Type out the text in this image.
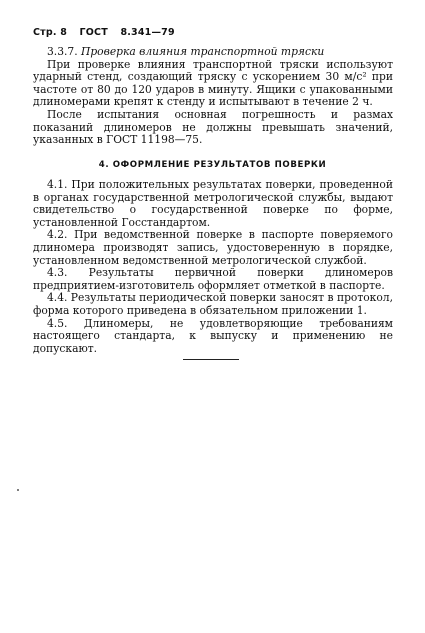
Стр. 8 ГОСТ 8.341—79

3.3.7. Проверка влияния транспортной тряски

При проверке влияния транспортной тряски используют ударный стенд, создающий тряску с ускорением 30 м/с² при частоте от 80 до 120 ударов в минуту. Ящики с упакованными длиномерами крепят к стенду и испытывают в течение 2 ч.

После испытания основная погрешность и размах показаний длиномеров не должны превышать значений, указанных в ГОСТ 11198—75.

4. ОФОРМЛЕНИЕ РЕЗУЛЬТАТОВ ПОВЕРКИ

4.1. При положительных результатах поверки, проведенной в органах государственной метрологической службы, выдают свидетельство о государственной поверке по форме, установленной Госстандартом.

4.2. При ведомственной поверке в паспорте поверяемого длиномера производят запись, удостоверенную в порядке, установленном ведомственной метрологической службой.

4.3. Результаты первичной поверки длиномеров предприятием-изготовитель оформляет отметкой в паспорте.

4.4. Результаты периодической поверки заносят в протокол, форма которого приведена в обязательном приложении 1.

4.5. Длиномеры, не удовлетворяющие требованиям настоящего стандарта, к выпуску и применению не допускают.
